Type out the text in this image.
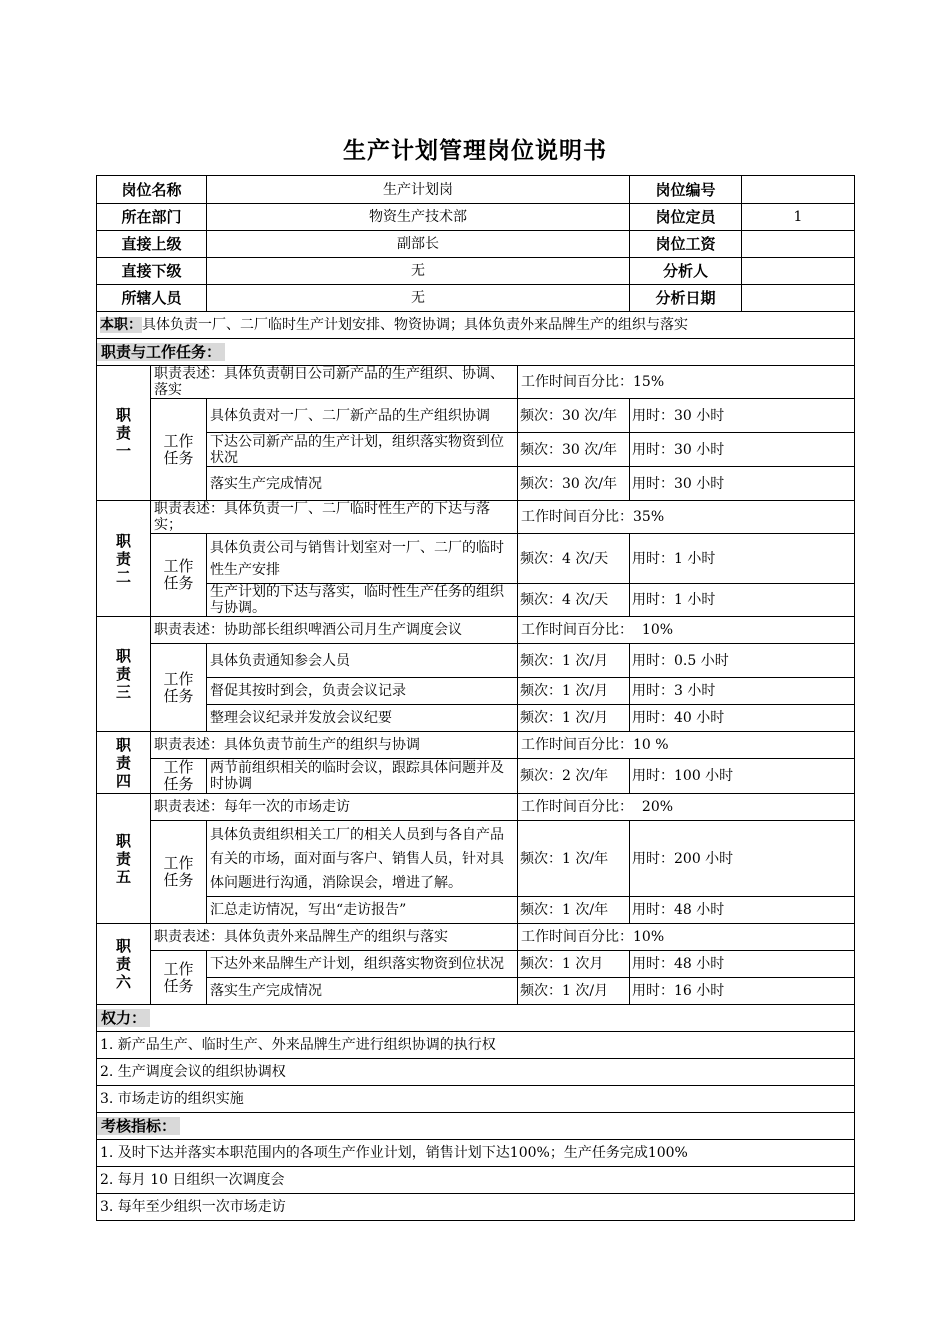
生产计划管理岗位说明书
岗位名称		生产计划岗		岗位编号	
所在部门		物资生产技术部		岗位定员	1
直接上级		副部长		岗位工资	
直接下级		无		分析人	
所辖人员		无		分析日期	
本职：具体负责一厂、二厂临时生产计划安排、物资协调；具体负责外来品牌生产的组织与落实					
职责与工作任务：					
职责一	职责表述：具体负责朝日公司新产品的生产组织、协调、落实		工作时间百分比：15%		
	工作任务	具体负责对一厂、二厂新产品的生产组织协调	频次：30 次/年	用时：30 小时	
		下达公司新产品的生产计划，组织落实物资到位状况	频次：30 次/年	用时：30 小时	
		落实生产完成情况	频次：30 次/年	用时：30 小时	
职责二	职责表述：具体负责一厂、二厂临时性生产的下达与落实；		工作时间百分比：35%		
	工作任务	具体负责公司与销售计划室对一厂、二厂的临时性生产安排	频次：4 次/天	用时：1 小时	
		生产计划的下达与落实，临时性生产任务的组织与协调。	频次：4 次/天	用时：1 小时	
职责三	职责表述：协助部长组织啤酒公司月生产调度会议		工作时间百分比：  10%		
	工作任务	具体负责通知参会人员	频次：1 次/月	用时：0.5 小时	
		督促其按时到会，负责会议记录	频次：1 次/月	用时：3 小时	
		整理会议纪录并发放会议纪要	频次：1 次/月	用时：40 小时	
职责四	职责表述：具体负责节前生产的组织与协调		工作时间百分比：10 %		
	工作任务	两节前组织相关的临时会议，跟踪具体问题并及时协调	频次：2 次/年	用时：100 小时	
职责五	职责表述：每年一次的市场走访		工作时间百分比：  20%		
	工作任务	具体负责组织相关工厂的相关人员到与各自产品有关的市场，面对面与客户、销售人员，针对具体问题进行沟通，消除误会，增进了解。	频次：1 次/年	用时：200 小时	
		汇总走访情况，写出“走访报告”	频次：1 次/年	用时：48 小时	
职责六	职责表述：具体负责外来品牌生产的组织与落实		工作时间百分比：10%		
	工作任务	下达外来品牌生产计划，组织落实物资到位状况	频次：1 次月	用时：48 小时	
		落实生产完成情况	频次：1 次/月	用时：16 小时	
权力：					
1. 新产品生产、临时生产、外来品牌生产进行组织协调的执行权					
2. 生产调度会议的组织协调权					
3. 市场走访的组织实施					
考核指标：					
1. 及时下达并落实本职范围内的各项生产作业计划，销售计划下达100%；生产任务完成100%					
2. 每月 10 日组织一次调度会					
3. 每年至少组织一次市场走访					
